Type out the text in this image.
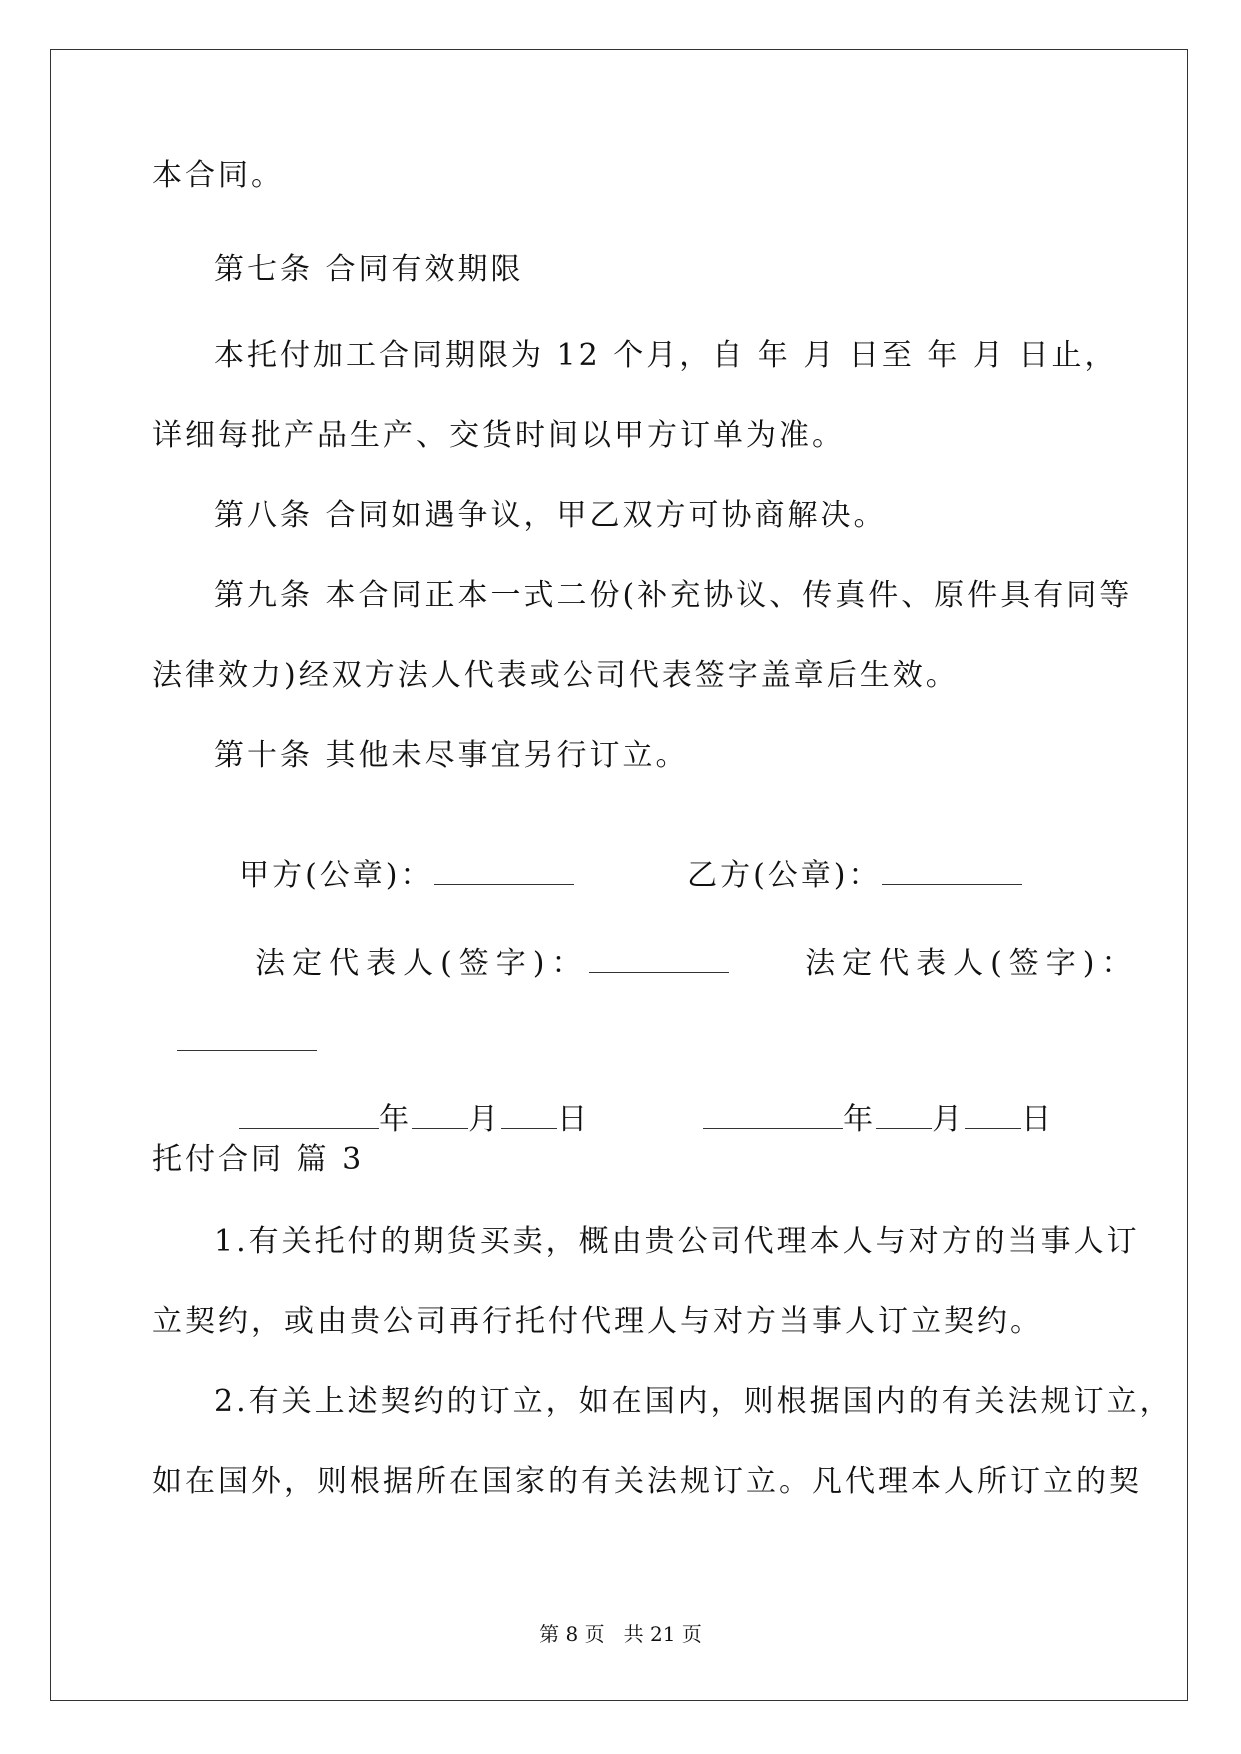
本合同。
第七条 合同有效期限
本托付加工合同期限为 12 个月，自 年 月 日至 年 月 日止，
详细每批产品生产、交货时间以甲方订单为准。
第八条 合同如遇争议，甲乙双方可协商解决。
第九条 本合同正本一式二份(补充协议、传真件、原件具有同等
法律效力)经双方法人代表或公司代表签字盖章后生效。
第十条 其他未尽事宜另行订立。

甲方(公章)：	乙方(公章)：

法定代表人(签字)：	法定代表人(签字)：

年 月 日	年 月 日

托付合同 篇 3
1.有关托付的期货买卖，概由贵公司代理本人与对方的当事人订
立契约，或由贵公司再行托付代理人与对方当事人订立契约。
2.有关上述契约的订立，如在国内，则根据国内的有关法规订立，
如在国外，则根据所在国家的有关法规订立。凡代理本人所订立的契
第 8 页   共 21 页
